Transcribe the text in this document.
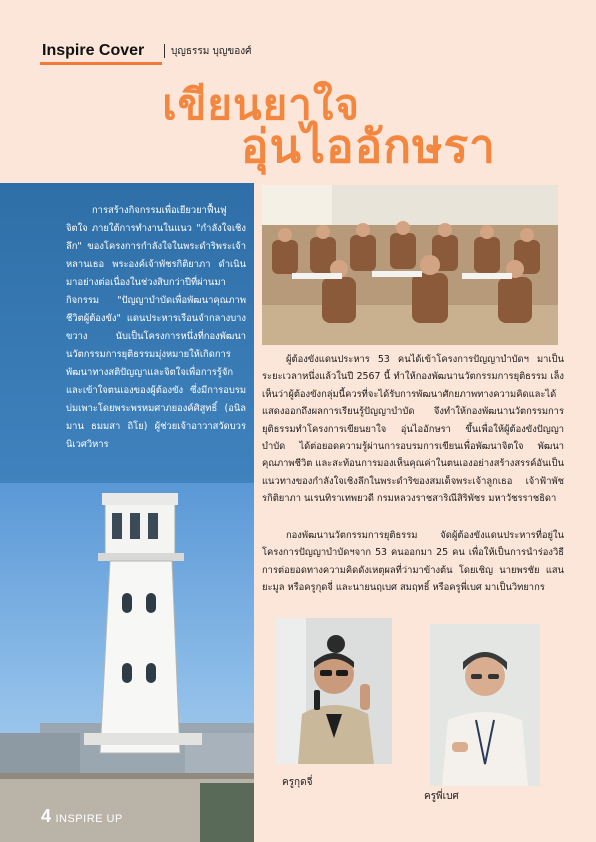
Inspire Cover	บุญธรรม บุญของศ์
เขียนยาใจ
อุ่นไออักษรา

การสร้างกิจกรรมเพื่อเยียวยาฟื้นฟูจิตใจ ภายใต้การทำงานในแนว "กำลังใจเชิงลึก" ของโครงการกำลังใจในพระดำริพระเจ้าหลานเธอ พระองค์เจ้าพัชรกิติยาภา ดำเนินมาอย่างต่อเนื่องในช่วงสิบกว่าปีที่ผ่านมา กิจกรรม "ปัญญาบำบัดเพื่อพัฒนาคุณภาพชีวิตผู้ต้องขัง" แดนประหารเรือนจำกลางบางขวาง นับเป็นโครงการหนึ่งที่กองพัฒนานวัตกรรมการยุติธรรมมุ่งหมายให้เกิดการพัฒนาทางสติปัญญาและจิตใจเพื่อการรู้จักและเข้าใจตนเองของผู้ต้องขัง ซึ่งมีการอบรมบ่มเพาะโดยพระพรหมศาภยองค์ศิสูทธิ์ (อนิลมาน ธมมสา ถิโย) ผู้ช่วยเจ้าอาวาสวัดบวรนิเวศวิหาร

ผู้ต้องขังแดนประหาร 53 คนได้เข้าโครงการปัญญาบำบัดฯ มาเป็นระยะเวลาหนึ่งแล้วในปี 2567 นี้ ทำให้กองพัฒนานวัตกรรมการยุติธรรม เล็งเห็นว่าผู้ต้องขังกลุ่มนี้ควรที่จะได้รับการพัฒนาศักยภาพทางความคิดและได้แสดงออกถึงผลการเรียนรู้ปัญญาบำบัด จึงทำให้กองพัฒนานวัตกรรมการยุติธรรมทำโครงการเขียนยาใจ อุ่นไออักษรา ขึ้นเพื่อให้ผู้ต้องขังปัญญาบำบัด ได้ต่อยอดความรู้ผ่านการอบรมการเขียนเพื่อพัฒนาจิตใจ พัฒนาคุณภาพชีวิต และสะท้อนการมองเห็นคุณค่าในตนเองอย่างสร้างสรรค์อันเป็นแนวทางของกำลังใจเชิงลึกในพระดำริของสมเด็จพระเจ้าลูกเธอ เจ้าฟ้าพัชรกิติยาภา นเรนทิราเทพยวดี กรมหลวงราชสาริณีสิริพัชร มหาวัชรราชธิดา

กองพัฒนานวัตกรรมการยุติธรรม จัดผู้ต้องขังแดนประหารที่อยู่ในโครงการปัญญาบำบัดฯจาก 53 คนออกมา 25 คน เพื่อให้เป็นการนำร่องวิธีการต่อยอดทางความคิดดังเหตุผลที่ว่ามาข้างต้น โดยเชิญ นายพรชัย แสนยะมูล หรือครูกุดจี่ และนายนฤเบศ สมฤทธิ์ หรือครูพี่เบศ มาเป็นวิทยากร

ครูกุดจี่
ครูพี่เบศ
4 INSPIRE UP
